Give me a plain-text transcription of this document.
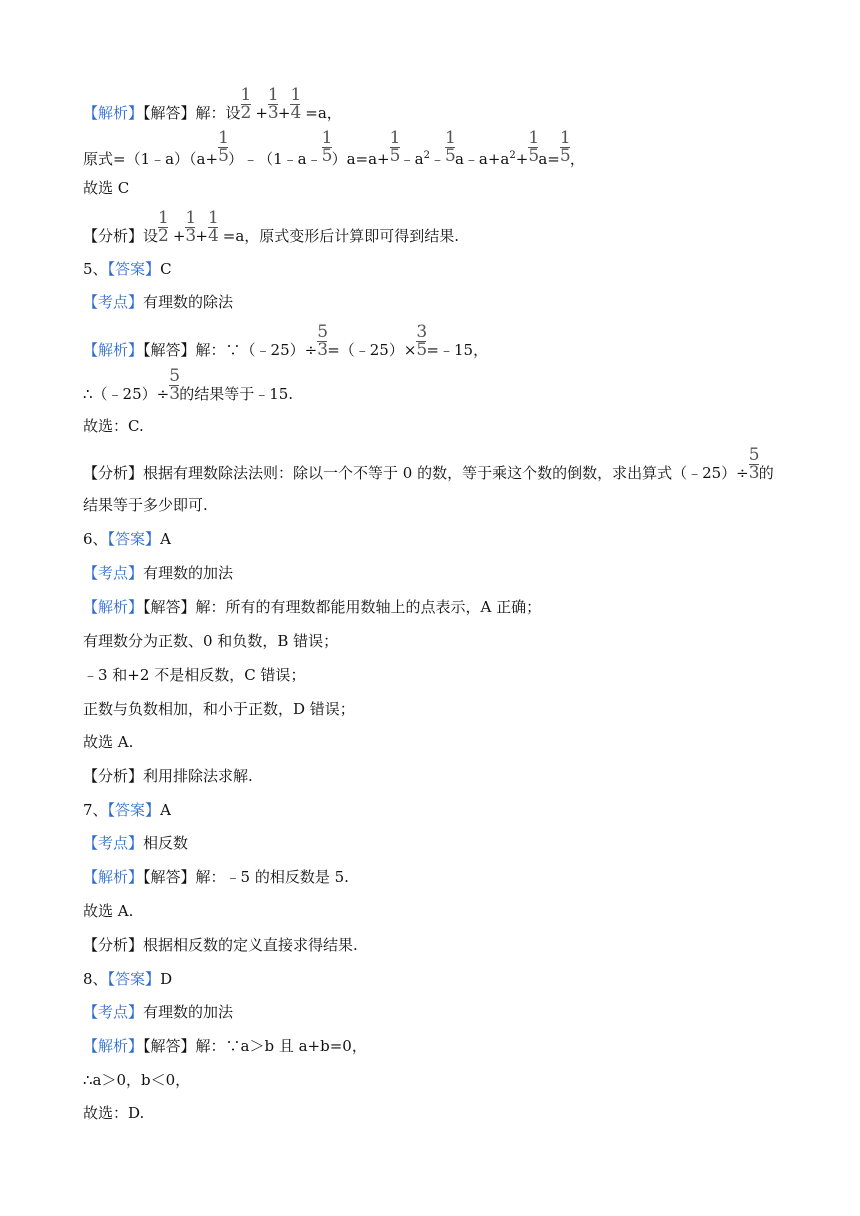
【解析】【解答】解：设 $\frac{1}{2} + \frac{1}{3} + \frac{1}{4} =a$，
原式=（1﹣a）（a+ $\frac{1}{5}$ ）﹣（1﹣a﹣ $\frac{1}{5} )a=a+ \frac{1}{5}$ $﹣a^2﹣ \frac{1}{5}$ $a﹣a+a^2+ \frac{1}{5} a= \frac{1}{5}$ ，
故选 C
【分析】设 $\frac{1}{2} + \frac{1}{3} + \frac{1}{4} =a$，原式变形后计算即可得到结果.
5、【答案】C
【考点】有理数的除法
【解析】【解答】解：∵（﹣25）÷ $\frac{5}{3}$ =（﹣25）× $\frac{3}{5}$ =﹣15，
∴（﹣25）÷ $\frac{5}{3}$ 的结果等于﹣15.
故选：C.
【分析】根据有理数除法法则：除以一个不等于 0 的数，等于乘这个数的倒数，求出算式（﹣25）÷ $\frac{5}{3}$ 的
结果等于多少即可.
6、【答案】A
【考点】有理数的加法
【解析】【解答】解：所有的有理数都能用数轴上的点表示，A 正确；
有理数分为正数、0 和负数，B 错误；
﹣3 和+2 不是相反数，C 错误；
正数与负数相加，和小于正数，D 错误；
故选 A.
【分析】利用排除法求解.
7、【答案】A
【考点】相反数
【解析】【解答】解：﹣5 的相反数是 5.
故选 A.
【分析】根据相反数的定义直接求得结果.
8、【答案】D
【考点】有理数的加法
【解析】【解答】解：∵a＞b 且 a+b=0，
∴a＞0，b＜0，
故选：D.
